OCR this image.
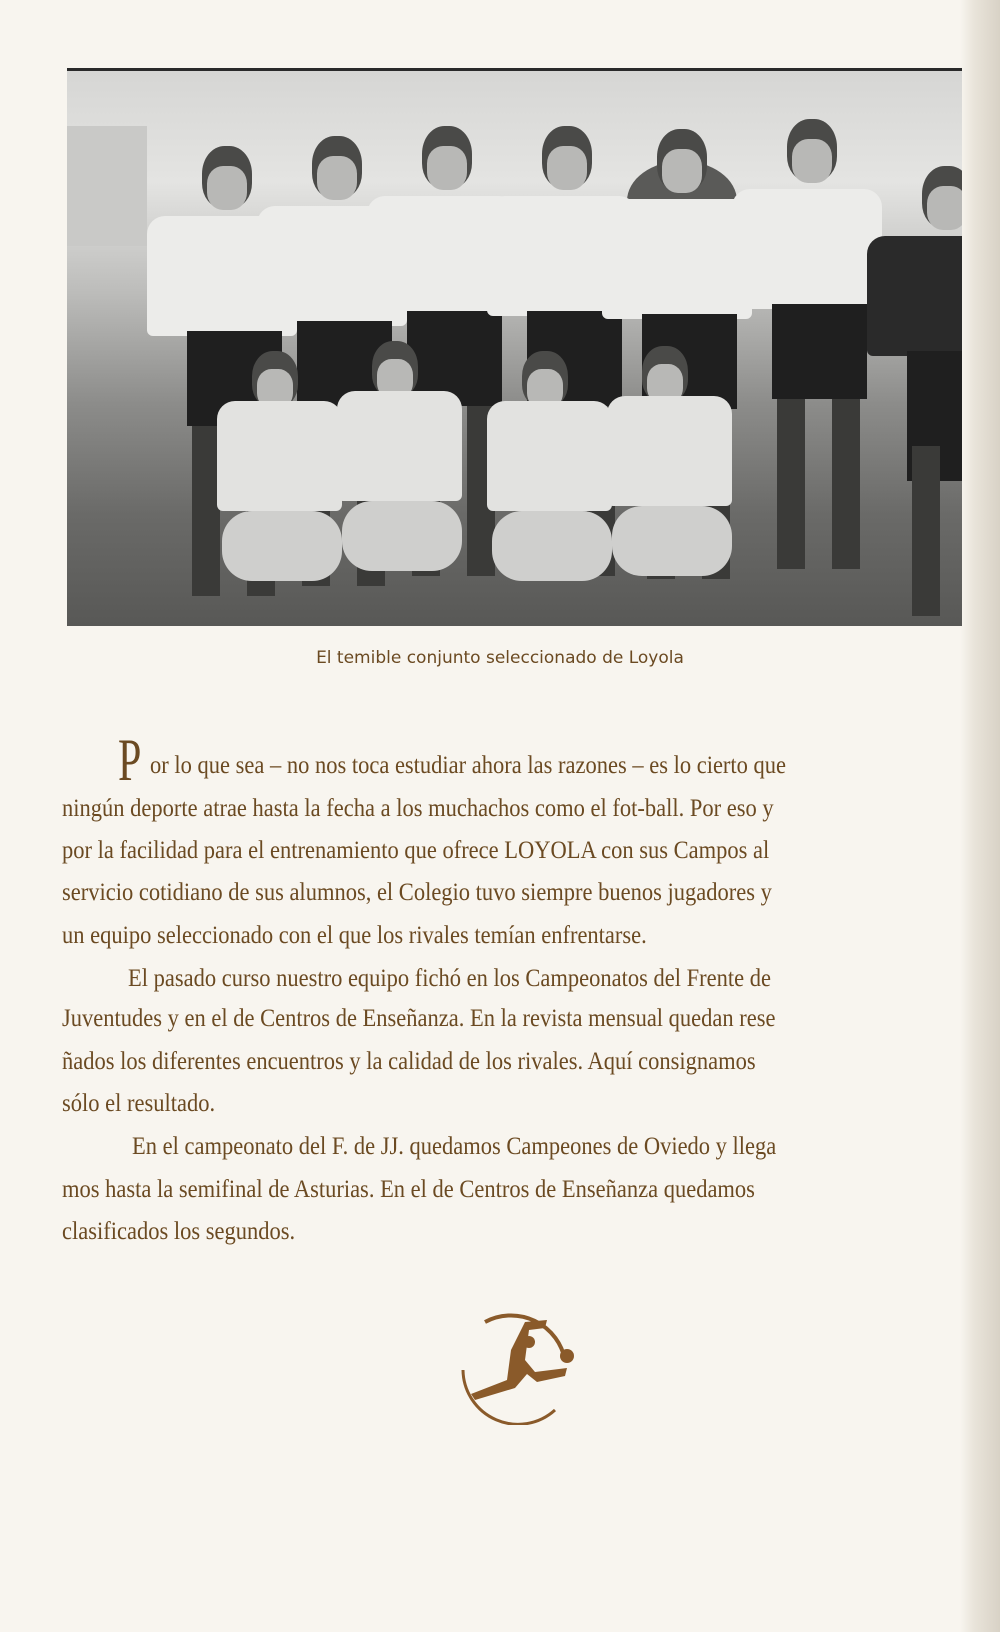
El temible conjunto seleccionado de Loyola
P or lo que sea – no nos toca estudiar ahora las razones – es lo cierto que
ningún deporte atrae hasta la fecha a los muchachos como el fot-ball. Por eso y
por la facilidad para el entrenamiento que ofrece LOYOLA con sus Campos al
servicio cotidiano de sus alumnos, el Colegio tuvo siempre buenos jugadores y
un equipo seleccionado con el que los rivales temían enfrentarse.
El pasado curso nuestro equipo fichó en los Campeonatos del Frente de
Juventudes y en el de Centros de Enseñanza. En la revista mensual quedan rese
ñados los diferentes encuentros y la calidad de los rivales. Aquí consignamos
sólo el resultado.
En el campeonato del F. de JJ. quedamos Campeones de Oviedo y llega
mos hasta la semifinal de Asturias. En el de Centros de Enseñanza quedamos
clasificados los segundos.
